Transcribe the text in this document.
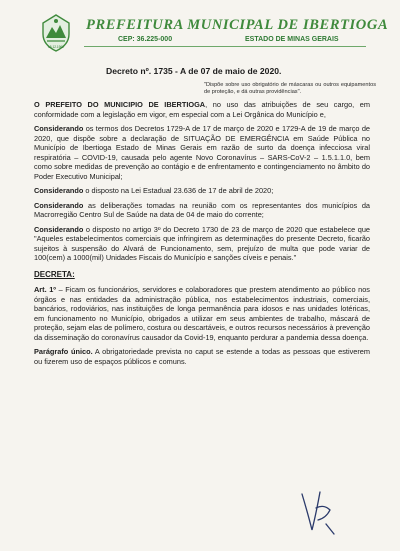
15.12.1962
PREFEITURA MUNICIPAL DE IBERTIOGA
CEP: 36.225-000	ESTADO DE MINAS GERAIS
Decreto nº. 1735 - A de 07 de maio de 2020.
"Dispõe sobre uso obrigatório de máscaras ou outros equipamentos de proteção, e dá outras providências".

O PREFEITO DO MUNICIPIO DE IBERTIOGA, no uso das atribuições de seu cargo, em conformidade com a legislação em vigor, em especial com a Lei Orgânica do Município e,

Considerando os termos dos Decretos 1729-A de 17 de março de 2020 e 1729-A de 19 de março de 2020, que dispõe sobre a declaração de SITUAÇÃO DE EMERGÊNCIA em Saúde Pública no Município de Ibertioga Estado de Minas Gerais em razão de surto da doença infecciosa viral respiratória – COVID-19, causada pelo agente Novo Coronavírus – SARS-CoV-2 – 1.5.1.1.0, bem como sobre medidas de prevenção ao contágio e de enfrentamento e contingenciamento no âmbito do Poder Executivo Municipal;

Considerando o disposto na Lei Estadual 23.636 de 17 de abril de 2020;

Considerando as deliberações tomadas na reunião com os representantes dos municípios da Macrorregião Centro Sul de Saúde na data de 04 de maio do corrente;

Considerando o disposto no artigo 3º do Decreto 1730 de 23 de março de 2020 que estabelece que "Aqueles estabelecimentos comerciais que infringirem as determinações do presente Decreto, ficarão sujeitos à suspensão do Alvará de Funcionamento, sem, prejuízo de multa que pode variar de 100(cem) a 1000(mil) Unidades Fiscais do Município e sanções cíveis e penais."

DECRETA:

Art. 1º – Ficam os funcionários, servidores e colaboradores que prestem atendimento ao público nos órgãos e nas entidades da administração pública, nos estabelecimentos industriais, comerciais, bancários, rodoviários, nas instituições de longa permanência para idosos e nas unidades lotéricas, em funcionamento no Município, obrigados a utilizar em seus ambientes de trabalho, máscará de proteção, sejam elas de polímero, costura ou descartáveis, e outros recursos necessários à prevenção da disseminação do coronavírus causador da Covid-19, enquanto perdurar a pandemia dessa doença.

Parágrafo único. A obrigatoriedade prevista no caput se estende a todas as pessoas que estiverem ou fizerem uso de espaços públicos e comuns.
